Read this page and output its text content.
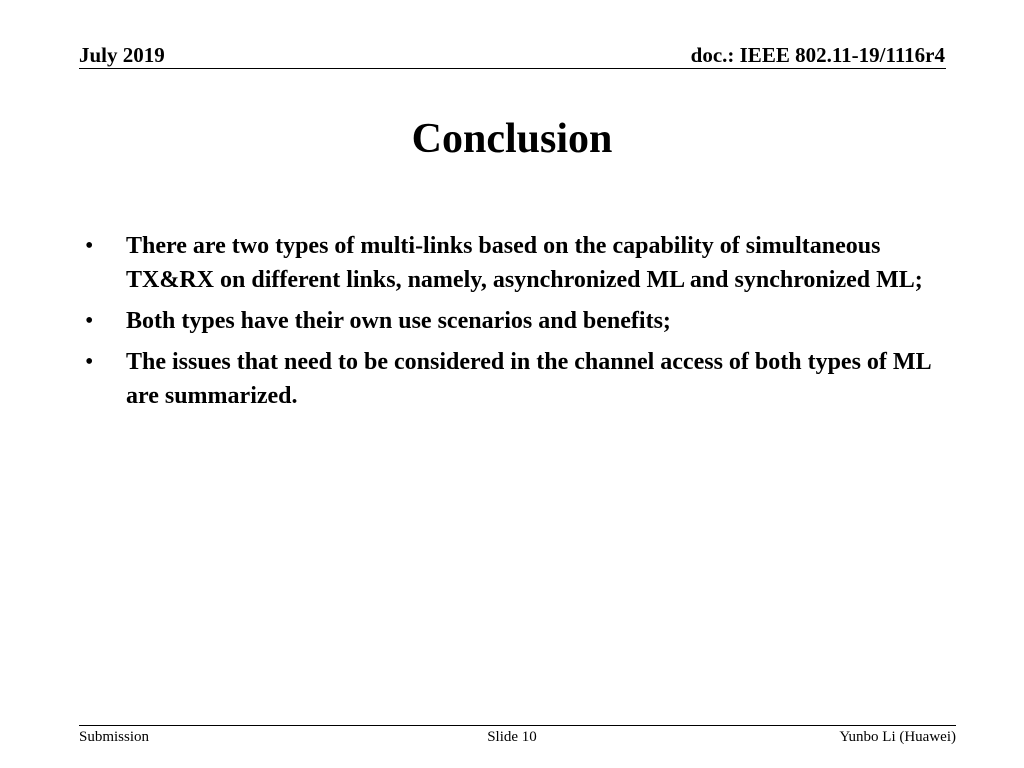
July 2019	doc.: IEEE 802.11-19/1116r4
Conclusion
• There are two types of multi-links based on the capability of simultaneous TX&RX on different links, namely, asynchronized ML and synchronized ML;
• Both types have their own use scenarios and benefits;
• The issues that need to be considered in the channel access of both types of ML are summarized.
Submission	Slide 10	Yunbo Li (Huawei)
